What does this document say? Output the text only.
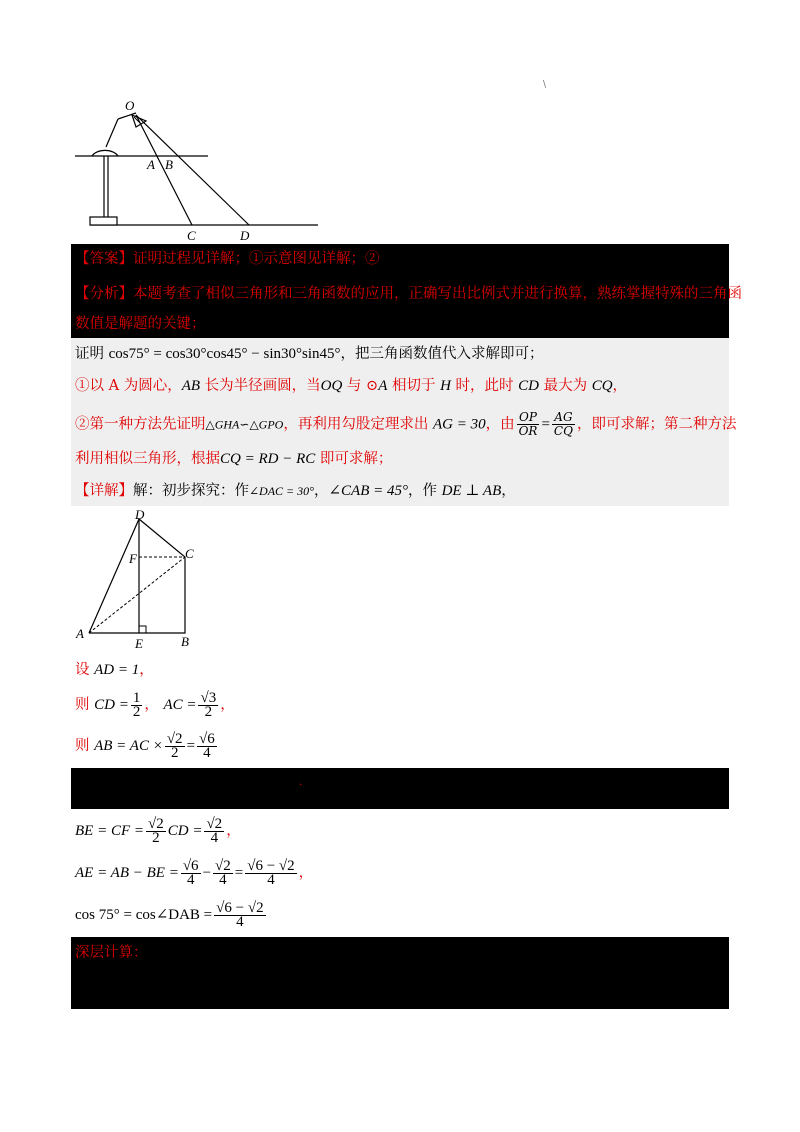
\
O
A B
C	D
【答案】证明过程见详解；①示意图见详解；②
【分析】本题考查了相似三角形和三角函数的应用，正确写出比例式并进行换算，熟练掌握特殊的三角函
数值是解题的关键；
证明 cos75° = cos30°cos45° − sin30°sin45°，把三角函数值代入求解即可；
①以 A 为圆心，AB 长为半径画圆，当OQ 与 ⊙A 相切于 H 时，此时 CD 最大为 CQ，
②第一种方法先证明△GHA∽△GPO，再利用勾股定理求出 AG = 30，由 $\frac{OP}{OR} = \frac{AG}{CQ}$ ，即可求解；第二种方法
利用相似三角形，根据CQ = RD − RC 即可求解；
【详解】解：初步探究：作∠DAC = 30°，∠CAB = 45°，作 DE ⊥ AB，
D
C
F
A
E	B
设 AD = 1，
则 CD = $\frac{1}{2}$ ， AC = $\frac{√3}{2}$ ，
则 AB = AC × $\frac{√2}{2} = \frac{√6}{4}$
·
BE = CF = $\frac{√2}{2}$ CD = $\frac{√2}{4}$ ，
AE = AB − BE = $\frac{√6}{4} - \frac{√2}{4} = \frac{√6 - √2}{4}$ ，
cos 75° = cos∠DAB = $\frac{√6 - √2}{4}$
深层计算：
